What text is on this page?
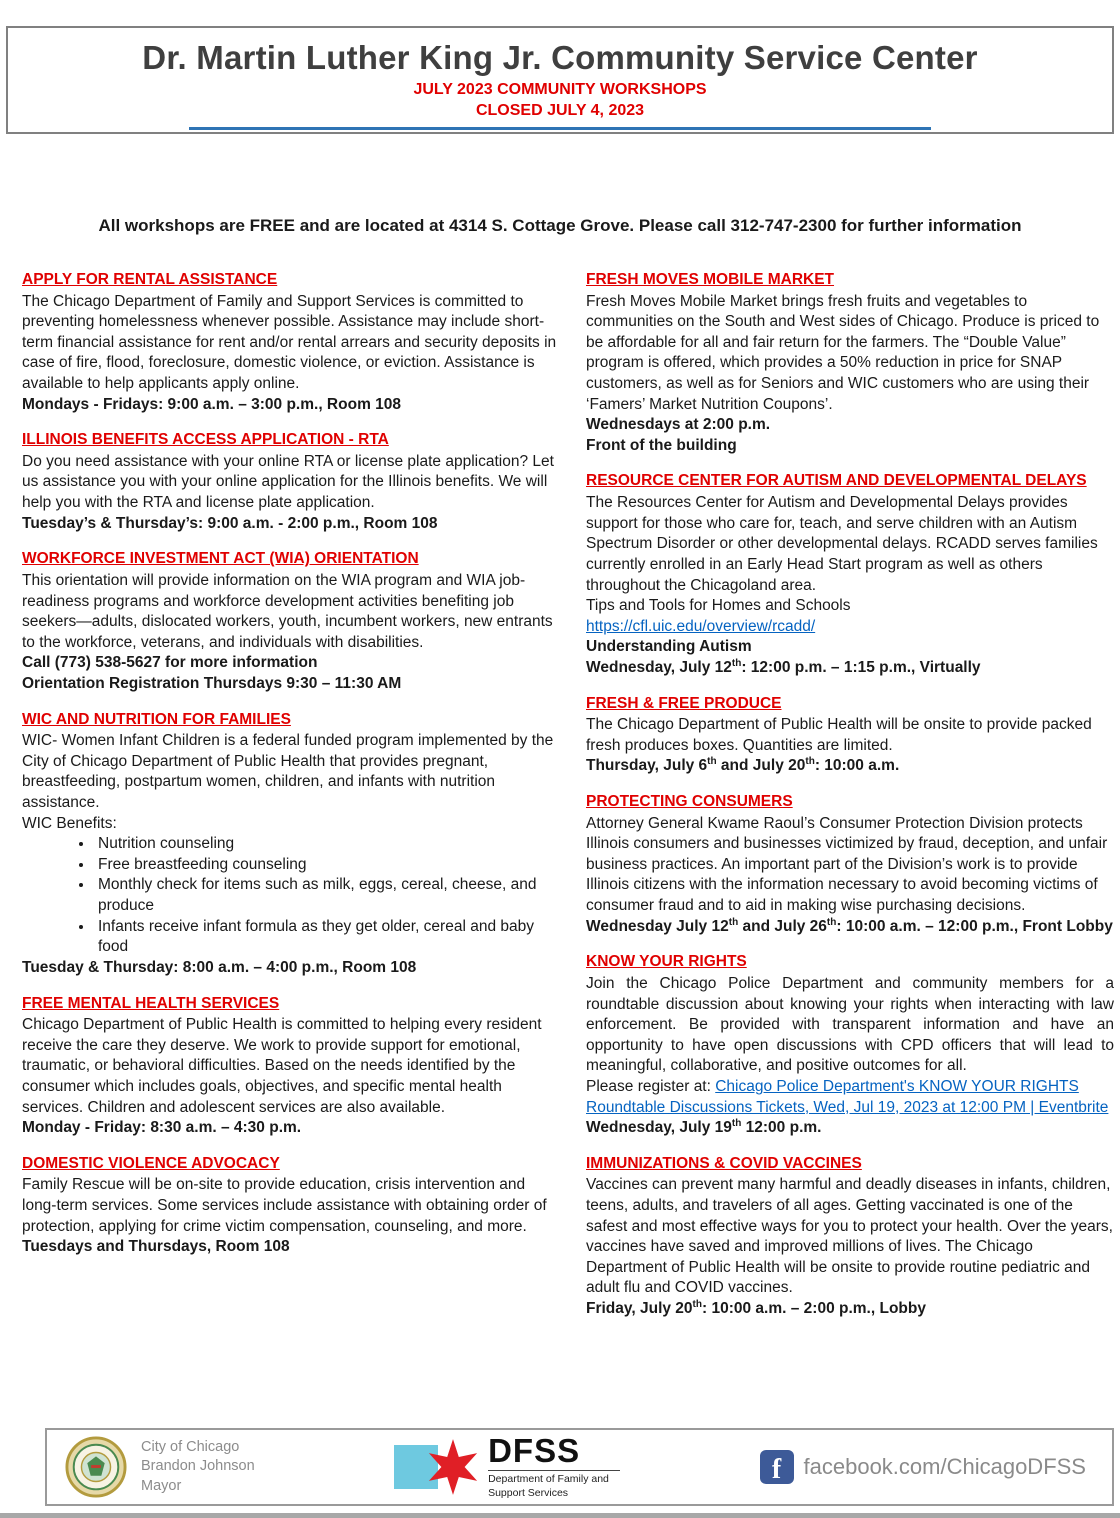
Dr. Martin Luther King Jr. Community Service Center
JULY 2023 COMMUNITY WORKSHOPS
CLOSED JULY 4, 2023

All workshops are FREE and are located at 4314 S. Cottage Grove. Please call 312-747-2300 for further information

APPLY FOR RENTAL ASSISTANCE

The Chicago Department of Family and Support Services is committed to preventing homelessness whenever possible. Assistance may include short-term financial assistance for rent and/or rental arrears and security deposits in case of fire, flood, foreclosure, domestic violence, or eviction. Assistance is available to help applicants apply online.

Mondays - Fridays: 9:00 a.m. – 3:00 p.m., Room 108

ILLINOIS BENEFITS ACCESS APPLICATION - RTA

Do you need assistance with your online RTA or license plate application? Let us assistance you with your online application for the Illinois benefits. We will help you with the RTA and license plate application.

Tuesday’s & Thursday’s: 9:00 a.m. - 2:00 p.m., Room 108

WORKFORCE INVESTMENT ACT (WIA) ORIENTATION

This orientation will provide information on the WIA program and WIA job-readiness programs and workforce development activities benefiting job seekers—adults, dislocated workers, youth, incumbent workers, new entrants to the workforce, veterans, and individuals with disabilities.

Call (773) 538-5627 for more information

Orientation Registration Thursdays 9:30 – 11:30 AM

WIC AND NUTRITION FOR FAMILIES

WIC- Women Infant Children is a federal funded program implemented by the City of Chicago Department of Public Health that provides pregnant, breastfeeding, postpartum women, children, and infants with nutrition assistance.

WIC Benefits:

• Nutrition counseling
• Free breastfeeding counseling
• Monthly check for items such as milk, eggs, cereal, cheese, and produce
• Infants receive infant formula as they get older, cereal and baby food

Tuesday & Thursday: 8:00 a.m. – 4:00 p.m., Room 108

FREE MENTAL HEALTH SERVICES

Chicago Department of Public Health is committed to helping every resident receive the care they deserve. We work to provide support for emotional, traumatic, or behavioral difficulties. Based on the needs identified by the consumer which includes goals, objectives, and specific mental health services. Children and adolescent services are also available.

Monday - Friday: 8:30 a.m. – 4:30 p.m.

DOMESTIC VIOLENCE ADVOCACY

Family Rescue will be on-site to provide education, crisis intervention and long-term services. Some services include assistance with obtaining order of protection, applying for crime victim compensation, counseling, and more.

Tuesdays and Thursdays, Room 108

FRESH MOVES MOBILE MARKET

Fresh Moves Mobile Market brings fresh fruits and vegetables to communities on the South and West sides of Chicago. Produce is priced to be affordable for all and fair return for the farmers. The “Double Value” program is offered, which provides a 50% reduction in price for SNAP customers, as well as for Seniors and WIC customers who are using their ‘Famers’ Market Nutrition Coupons’.

Wednesdays at 2:00 p.m.

Front of the building

RESOURCE CENTER FOR AUTISM AND DEVELOPMENTAL DELAYS

The Resources Center for Autism and Developmental Delays provides support for those who care for, teach, and serve children with an Autism Spectrum Disorder or other developmental delays. RCADD serves families currently enrolled in an Early Head Start program as well as others throughout the Chicagoland area.

Tips and Tools for Homes and Schools

https://cfl.uic.edu/overview/rcadd/

Understanding Autism

Wednesday, July 12th: 12:00 p.m. – 1:15 p.m., Virtually

FRESH & FREE PRODUCE

The Chicago Department of Public Health will be onsite to provide packed fresh produces boxes. Quantities are limited.

Thursday, July 6th and July 20th: 10:00 a.m.

PROTECTING CONSUMERS

Attorney General Kwame Raoul’s Consumer Protection Division protects Illinois consumers and businesses victimized by fraud, deception, and unfair business practices. An important part of the Division’s work is to provide Illinois citizens with the information necessary to avoid becoming victims of consumer fraud and to aid in making wise purchasing decisions.

Wednesday July 12th and July 26th: 10:00 a.m. – 12:00 p.m., Front Lobby

KNOW YOUR RIGHTS

Join the Chicago Police Department and community members for a roundtable discussion about knowing your rights when interacting with law enforcement. Be provided with transparent information and have an opportunity to have open discussions with CPD officers that will lead to meaningful, collaborative, and positive outcomes for all.

Please register at: Chicago Police Department's KNOW YOUR RIGHTS Roundtable Discussions Tickets, Wed, Jul 19, 2023 at 12:00 PM | Eventbrite

Wednesday, July 19th 12:00 p.m.

IMMUNIZATIONS & COVID VACCINES

Vaccines can prevent many harmful and deadly diseases in infants, children, teens, adults, and travelers of all ages. Getting vaccinated is one of the safest and most effective ways for you to protect your health. Over the years, vaccines have saved and improved millions of lives. The Chicago Department of Public Health will be onsite to provide routine pediatric and adult flu and COVID vaccines.

Friday, July 20th: 10:00 a.m. – 2:00 p.m., Lobby

City of Chicago
Brandon Johnson
Mayor
DFSS
Department of Family and Support Services
f facebook.com/ChicagoDFSS
